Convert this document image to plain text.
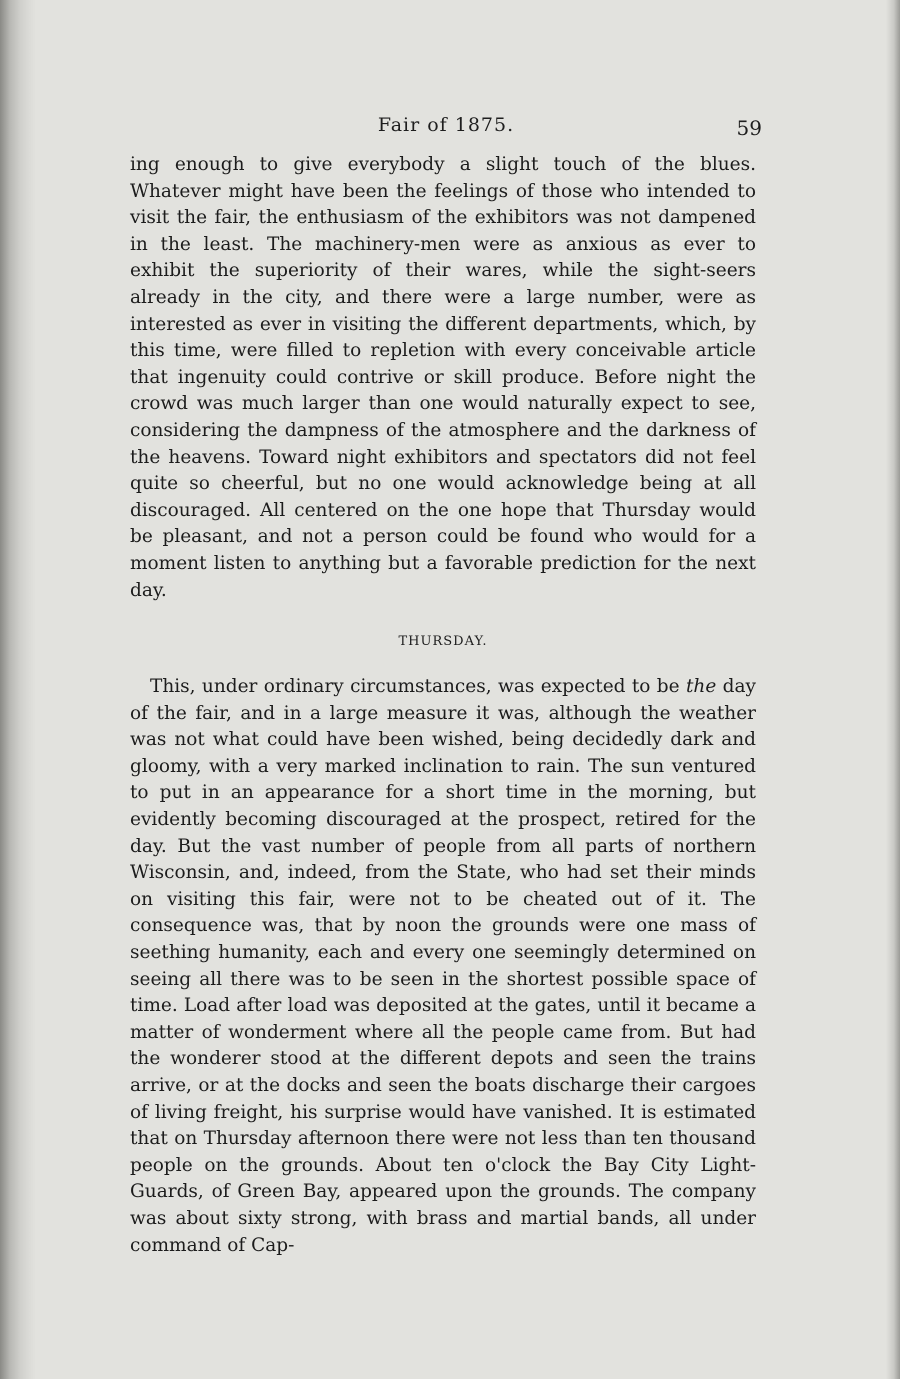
Fair of 1875.	59

ing enough to give everybody a slight touch of the blues. Whatever might have been the feelings of those who intended to visit the fair, the enthusiasm of the exhibitors was not dampened in the least. The machinery-men were as anxious as ever to exhibit the superiority of their wares, while the sight-seers already in the city, and there were a large number, were as interested as ever in visiting the different departments, which, by this time, were filled to repletion with every conceivable article that ingenuity could contrive or skill produce. Before night the crowd was much larger than one would naturally expect to see, considering the dampness of the atmosphere and the darkness of the heavens. Toward night exhibitors and spectators did not feel quite so cheerful, but no one would acknowledge being at all discouraged. All centered on the one hope that Thursday would be pleasant, and not a person could be found who would for a moment listen to anything but a favorable prediction for the next day.

THURSDAY.

This, under ordinary circumstances, was expected to be the day of the fair, and in a large measure it was, although the weather was not what could have been wished, being decidedly dark and gloomy, with a very marked inclination to rain. The sun ventured to put in an appearance for a short time in the morning, but evidently becoming discouraged at the prospect, retired for the day. But the vast number of people from all parts of northern Wisconsin, and, indeed, from the State, who had set their minds on visiting this fair, were not to be cheated out of it. The consequence was, that by noon the grounds were one mass of seething humanity, each and every one seemingly determined on seeing all there was to be seen in the shortest possible space of time. Load after load was deposited at the gates, until it became a matter of wonderment where all the people came from. But had the wonderer stood at the different depots and seen the trains arrive, or at the docks and seen the boats discharge their cargoes of living freight, his surprise would have vanished. It is estimated that on Thursday afternoon there were not less than ten thousand people on the grounds. About ten o'clock the Bay City Light-Guards, of Green Bay, appeared upon the grounds. The company was about sixty strong, with brass and martial bands, all under command of Cap-
